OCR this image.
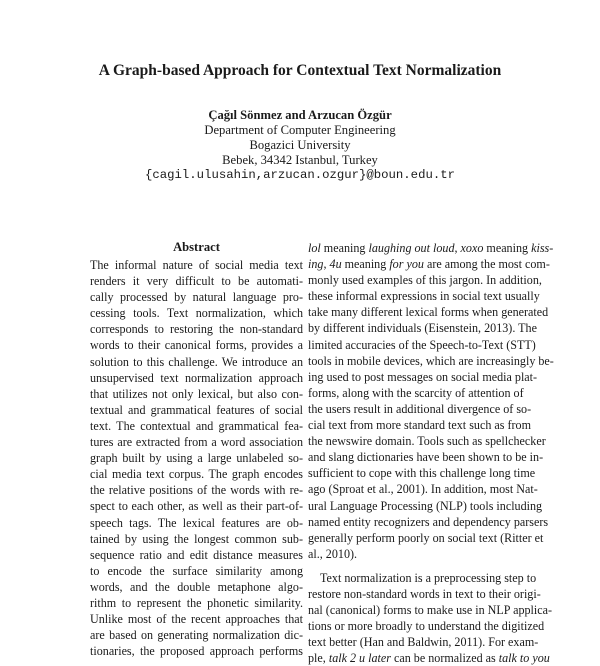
A Graph-based Approach for Contextual Text Normalization
Çağıl Sönmez and Arzucan Özgür
Department of Computer Engineering
Bogazici University
Bebek, 34342 Istanbul, Turkey
{cagil.ulusahin,arzucan.ozgur}@boun.edu.tr
Abstract
The informal nature of social media text
renders it very difficult to be automati-
cally processed by natural language pro-
cessing tools. Text normalization, which
corresponds to restoring the non-standard
words to their canonical forms, provides a
solution to this challenge. We introduce an
unsupervised text normalization approach
that utilizes not only lexical, but also con-
textual and grammatical features of social
text. The contextual and grammatical fea-
tures are extracted from a word association
graph built by using a large unlabeled so-
cial media text corpus. The graph encodes
the relative positions of the words with re-
spect to each other, as well as their part-of-
speech tags. The lexical features are ob-
tained by using the longest common sub-
sequence ratio and edit distance measures
to encode the surface similarity among
words, and the double metaphone algo-
rithm to represent the phonetic similarity.
Unlike most of the recent approaches that
are based on generating normalization dic-
tionaries, the proposed approach performs
lol meaning laughing out loud, xoxo meaning kiss-
ing, 4u meaning for you are among the most com-
monly used examples of this jargon. In addition,
these informal expressions in social text usually
take many different lexical forms when generated
by different individuals (Eisenstein, 2013). The
limited accuracies of the Speech-to-Text (STT)
tools in mobile devices, which are increasingly be-
ing used to post messages on social media plat-
forms, along with the scarcity of attention of
the users result in additional divergence of so-
cial text from more standard text such as from
the newswire domain. Tools such as spellchecker
and slang dictionaries have been shown to be in-
sufficient to cope with this challenge long time
ago (Sproat et al., 2001). In addition, most Nat-
ural Language Processing (NLP) tools including
named entity recognizers and dependency parsers
generally perform poorly on social text (Ritter et
al., 2010).
Text normalization is a preprocessing step to
restore non-standard words in text to their origi-
nal (canonical) forms to make use in NLP applica-
tions or more broadly to understand the digitized
text better (Han and Baldwin, 2011). For exam-
ple, talk 2 u later can be normalized as talk to you
